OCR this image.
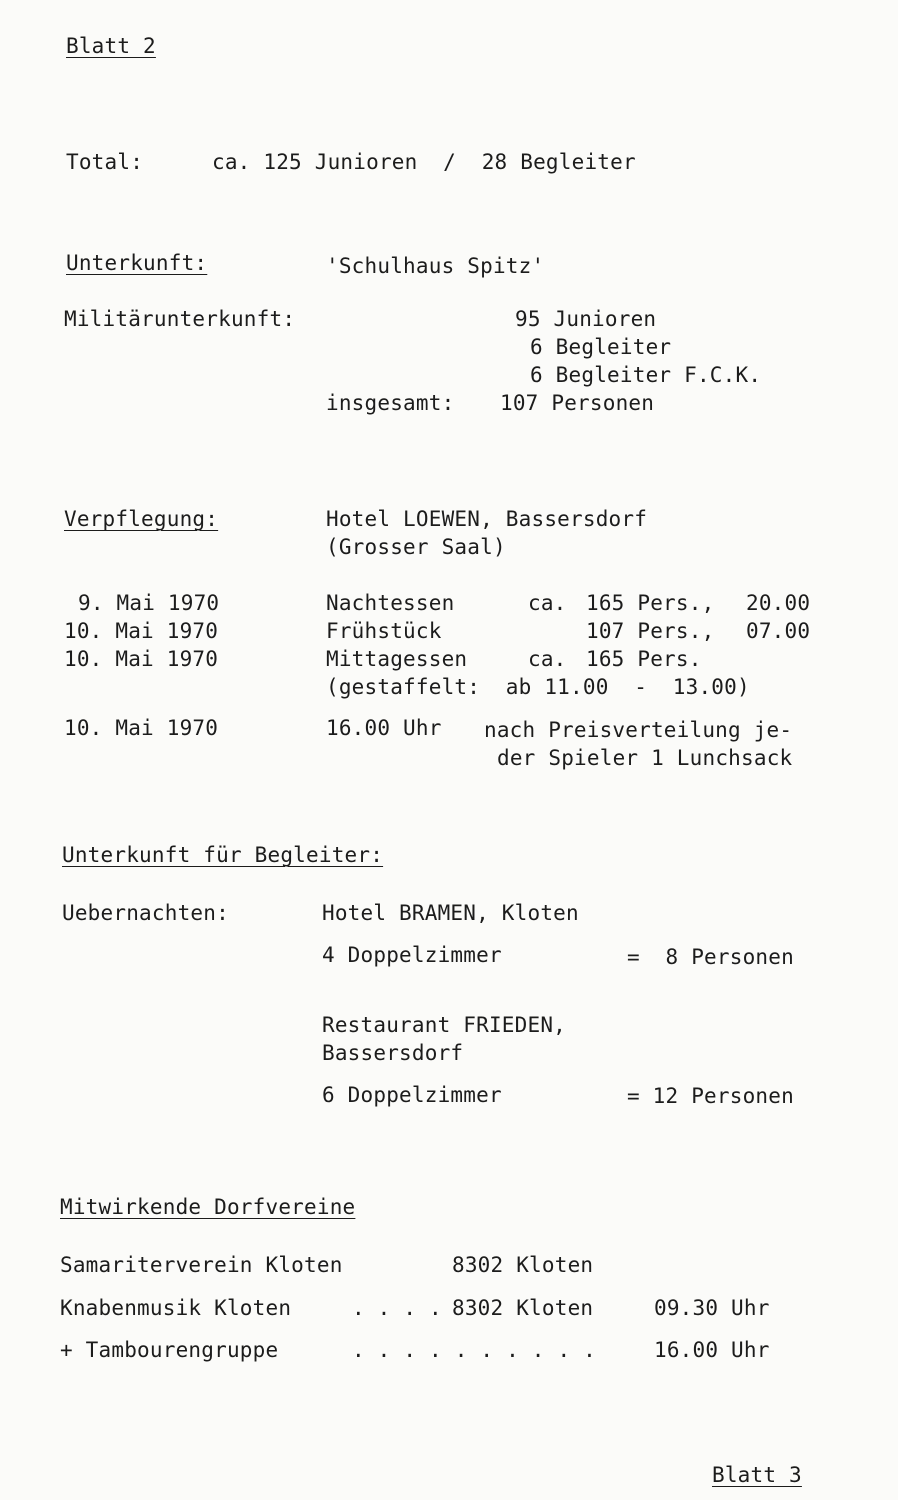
Blatt 2
Total:	ca. 125 Junioren  /  28 Begleiter
Unterkunft:	'Schulhaus Spitz'
Militärunterkunft:	95 Junioren
6 Begleiter
6 Begleiter F.C.K.
insgesamt: 107 Personen
Verpflegung:	Hotel LOEWEN, Bassersdorf
(Grosser Saal)
9. Mai 1970	Nachtessen	ca. 165 Pers., 20.00
10. Mai 1970	Frühstück	107 Pers., 07.00
10. Mai 1970	Mittagessen	ca. 165 Pers.
(gestaffelt:  ab 11.00  -  13.00)
10. Mai 1970	16.00 Uhr nach Preisverteilung je-
der Spieler 1 Lunchsack
Unterkunft für Begleiter:
Uebernachten:	Hotel BRAMEN, Kloten
4 Doppelzimmer	=  8 Personen
Restaurant FRIEDEN,
Bassersdorf
6 Doppelzimmer	= 12 Personen
Mitwirkende Dorfvereine
Samariterverein Kloten	8302 Kloten
Knabenmusik Kloten	. . . . 8302 Kloten	09.30 Uhr
+ Tambourengruppe	. . . . . . . . . .	16.00 Uhr
Blatt 3
